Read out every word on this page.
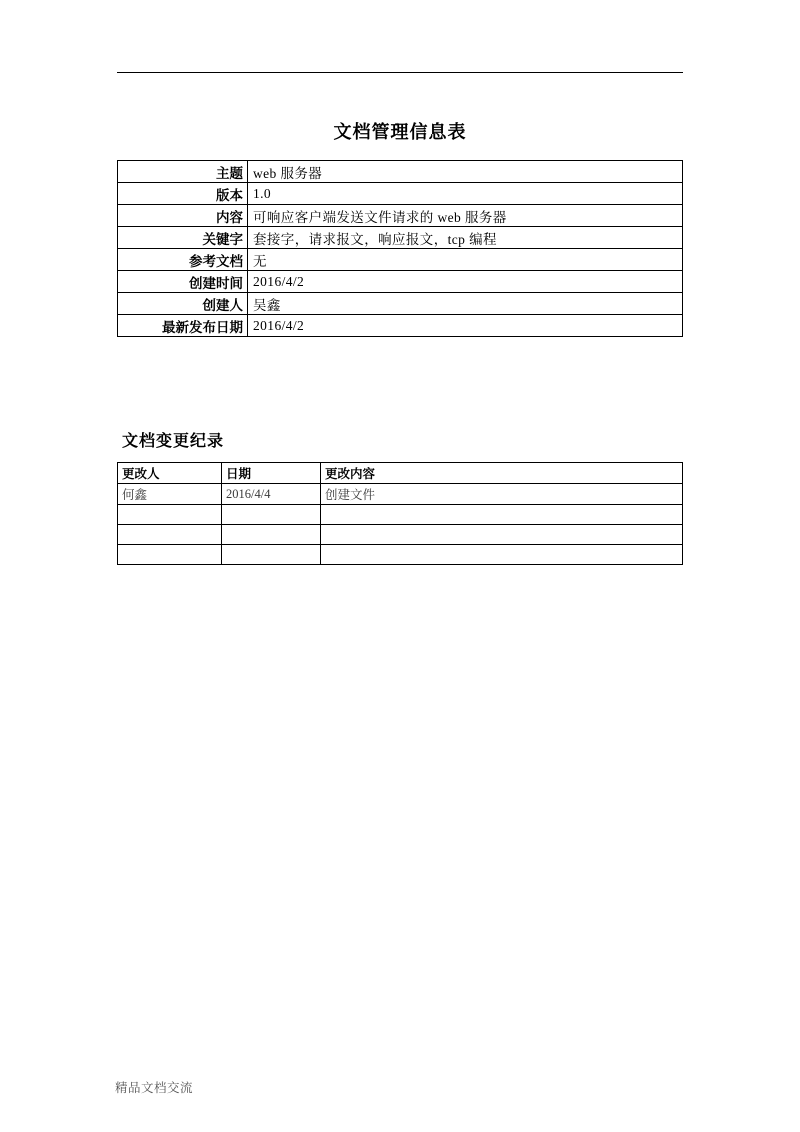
文档管理信息表
主题	web 服务器
版本	1.0
内容	可响应客户端发送文件请求的 web 服务器
关键字	套接字，请求报文，响应报文，tcp 编程
参考文档	无
创建时间	2016/4/2
创建人	吴鑫
最新发布日期	2016/4/2
文档变更纪录
更改人	日期	更改内容
何鑫	2016/4/4	创建文件

精品文档交流
